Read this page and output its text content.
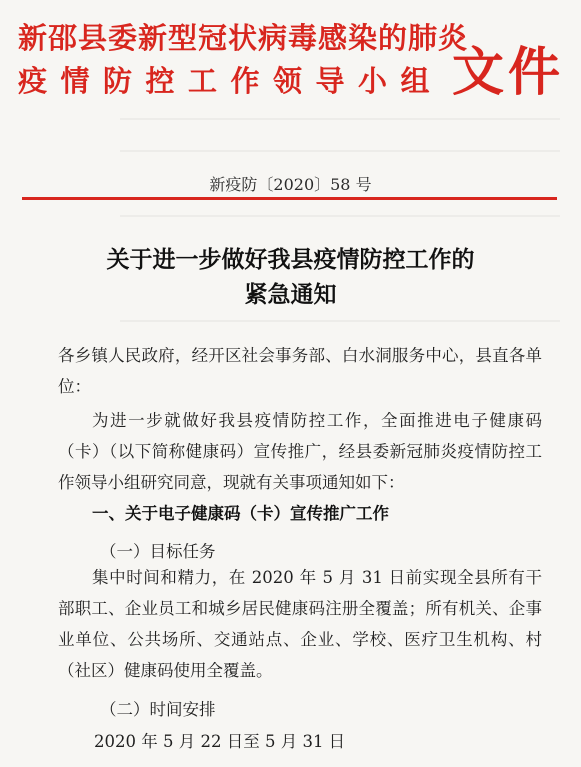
新邵县委新型冠状病毒感染的肺炎
疫情防控工作领导小组 文件
新疫防〔2020〕58 号
关于进一步做好我县疫情防控工作的
紧急通知
各乡镇人民政府，经开区社会事务部、白水洞服务中心，县直各单位：
为进一步就做好我县疫情防控工作，全面推进电子健康码（卡）（以下简称健康码）宣传推广，经县委新冠肺炎疫情防控工作领导小组研究同意，现就有关事项通知如下：
一、关于电子健康码（卡）宣传推广工作
（一）目标任务
集中时间和精力，在 2020 年 5 月 31 日前实现全县所有干部职工、企业员工和城乡居民健康码注册全覆盖；所有机关、企事业单位、公共场所、交通站点、企业、学校、医疗卫生机构、村（社区）健康码使用全覆盖。
（二）时间安排
2020 年 5 月 22 日至 5 月 31 日
